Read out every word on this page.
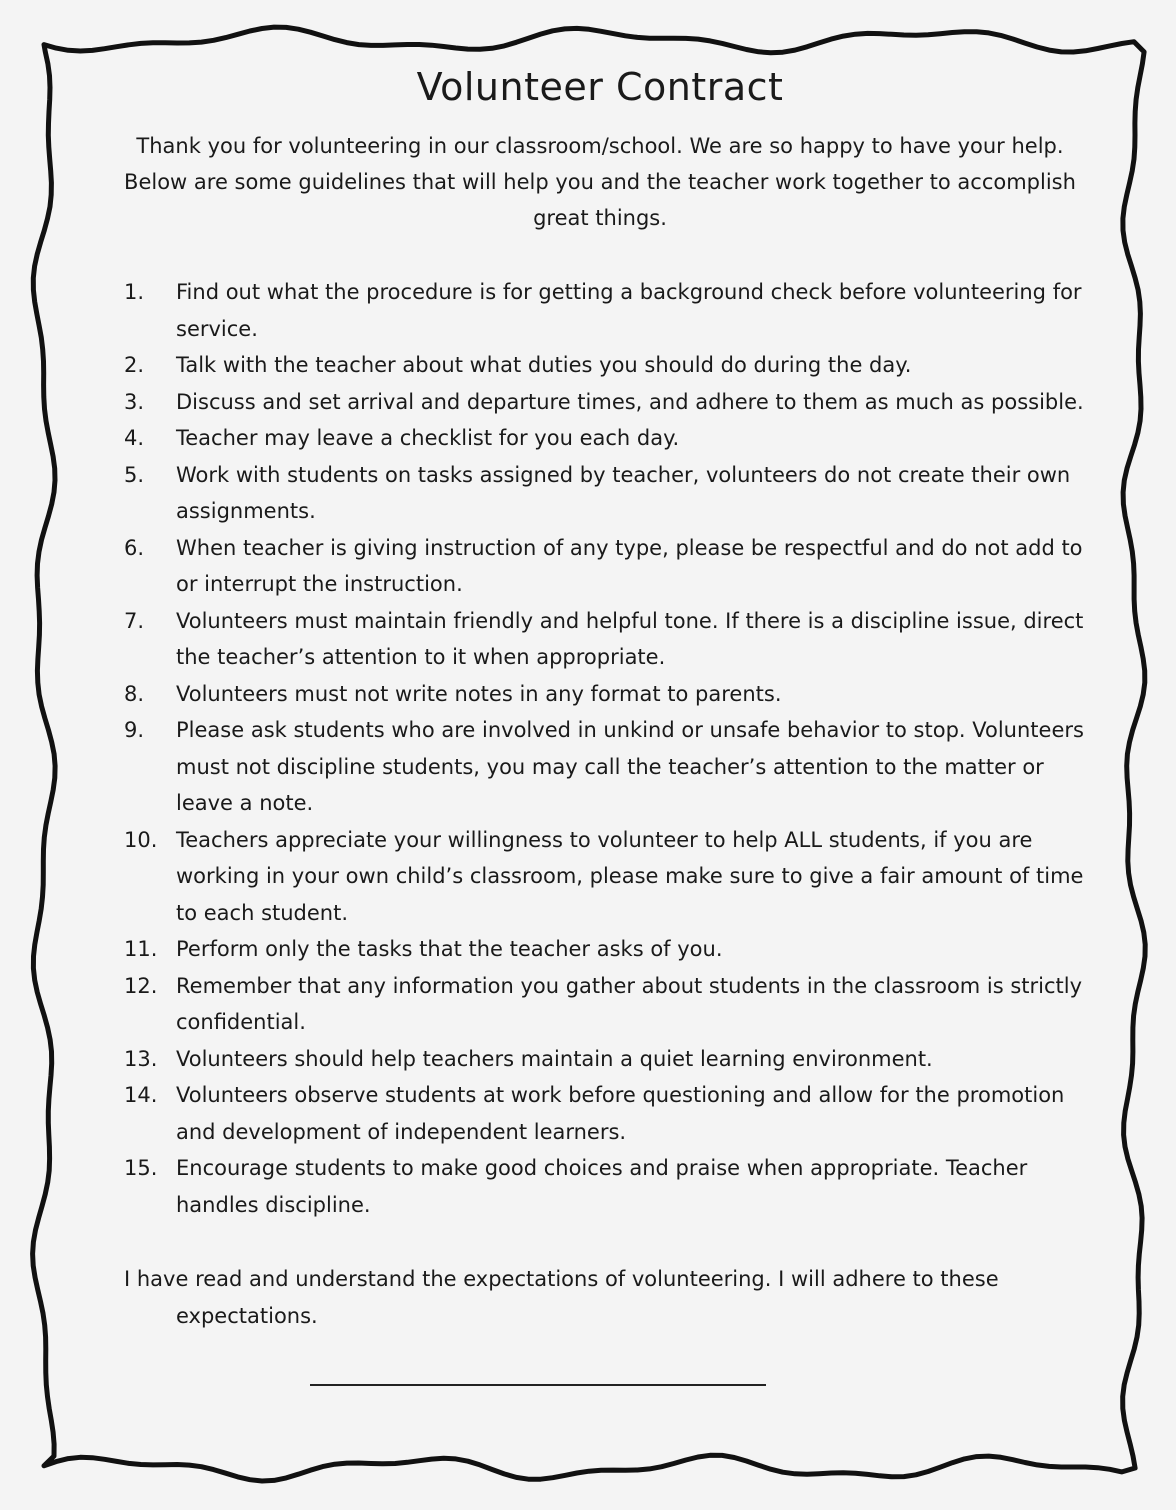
Volunteer Contract

Thank you for volunteering in our classroom/school. We are so happy to have your help. Below are some guidelines that will help you and the teacher work together to accomplish great things.

1. Find out what the procedure is for getting a background check before volunteering for service.
2. Talk with the teacher about what duties you should do during the day.
3. Discuss and set arrival and departure times, and adhere to them as much as possible.
4. Teacher may leave a checklist for you each day.
5. Work with students on tasks assigned by teacher, volunteers do not create their own assignments.
6. When teacher is giving instruction of any type, please be respectful and do not add to or interrupt the instruction.
7. Volunteers must maintain friendly and helpful tone. If there is a discipline issue, direct the teacher’s attention to it when appropriate.
8. Volunteers must not write notes in any format to parents.
9. Please ask students who are involved in unkind or unsafe behavior to stop. Volunteers must not discipline students, you may call the teacher’s attention to the matter or leave a note.
10. Teachers appreciate your willingness to volunteer to help ALL students, if you are working in your own child’s classroom, please make sure to give a fair amount of time to each student.
11. Perform only the tasks that the teacher asks of you.
12. Remember that any information you gather about students in the classroom is strictly confidential.
13. Volunteers should help teachers maintain a quiet learning environment.
14. Volunteers observe students at work before questioning and allow for the promotion and development of independent learners.
15. Encourage students to make good choices and praise when appropriate. Teacher handles discipline.
I have read and understand the expectations of volunteering. I will adhere to these
expectations.
